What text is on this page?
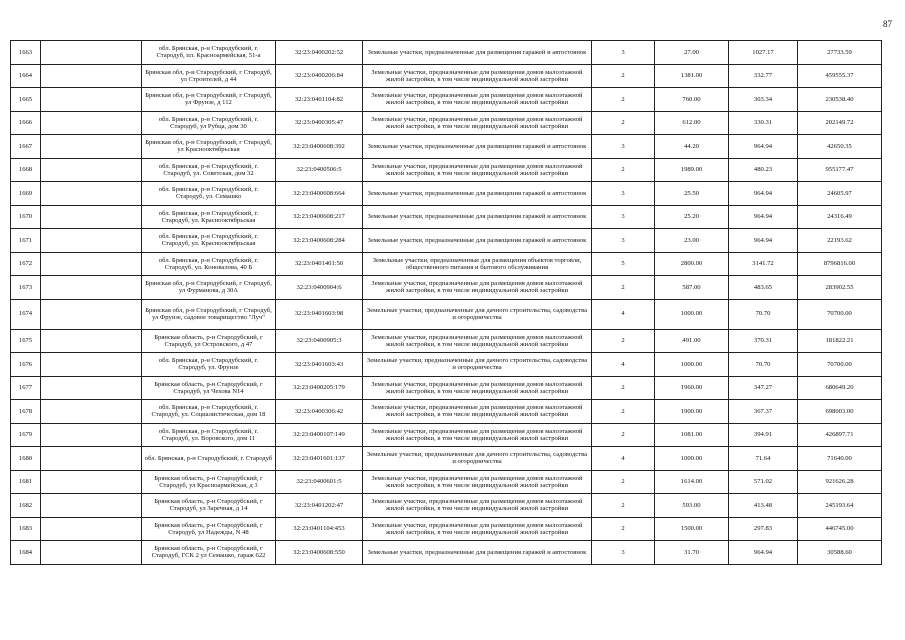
87
1663		обл. Брянская, р-н Стародубский, г. Стародуб, пл. Красноармейская, 51-а	32:23:0400202:52	Земельные участки, предназначенные для размещения гаражей и автостоянок	3	27.00	1027.17	27733.59
1664		Брянская обл, р-н Стародубский, г Стародуб, ул Строителей, д 44	32:23:0400206:84	Земельные участки, предназначенные для размещения домов малоэтажной жилой застройки, в том числе индивидуальной жилой застройки	2	1381.00	332.77	459555.37
1665		Брянская обл, р-н Стародубский, г Стародуб, ул Фрунзе, д 112	32:23:0401104:82	Земельные участки, предназначенные для размещения домов малоэтажной жилой застройки, в том числе индивидуальной жилой застройки	2	760.00	303.34	230538.40
1666		обл. Брянская, р-н Стародубский, г. Стародуб, ул Рубца, дом 30	32:23:0400305:47	Земельные участки, предназначенные для размещения домов малоэтажной жилой застройки, в том числе индивидуальной жилой застройки	2	612.00	330.31	202149.72
1667		Брянская обл, р-н Стародубский, г Стародуб, ул Краснооктябрьская	32:23:0400608:392	Земельные участки, предназначенные для размещения гаражей и автостоянок	3	44.20	964.94	42650.35
1668		обл. Брянская, р-н Стародубский, г. Стародуб, ул. Советская, дом 32	32:23:0400506:5	Земельные участки, предназначенные для размещения домов малоэтажной жилой застройки, в том числе индивидуальной жилой застройки	2	1989.00	480.23	955177.47
1669		обл. Брянская, р-н Стародубский, г. Стародуб, ул. Семашко	32:23:0400608:664	Земельные участки, предназначенные для размещения гаражей и автостоянок	3	25.50	964.94	24605.97
1670		обл. Брянская, р-н Стародубский, г. Стародуб, ул. Краснооктябрьская	32:23:0400608:217	Земельные участки, предназначенные для размещения гаражей и автостоянок	3	25.20	964.94	24316.49
1671		обл. Брянская, р-н Стародубский, г. Стародуб, ул. Краснооктябрьская	32:23:0400608:284	Земельные участки, предназначенные для размещения гаражей и автостоянок	3	23.00	964.94	22193.62
1672		обл. Брянская, р-н Стародубский, г. Стародуб, ул. Коновалова, 40 Б	32:23:0401401:50	Земельные участки, предназначенные для размещения объектов торговли, общественного питания и бытового обслуживания	5	2800.00	3141.72	8796816.00
1673		Брянская обл, р-н Стародубский, г Стародуб, ул Фурманова, д 30А	32:23:0400904:6	Земельные участки, предназначенные для размещения домов малоэтажной жилой застройки, в том числе индивидуальной жилой застройки	2	587.00	483.65	283902.55
1674		Брянская обл, р-н Стародубский, г Стародуб, ул Фрунзе, садовое товарищество "Луч"	32:23:0401603:98	Земельные участки, предназначенные для дачного строительства, садоводства и огородничества	4	1000.00	70.70	70700.00
1675		Брянская область, р-н Стародубский, г Стародуб, ул Островского, д 47	32:23:0400905:3	Земельные участки, предназначенные для размещения домов малоэтажной жилой застройки, в том числе индивидуальной жилой застройки	2	491.00	370.31	181822.21
1676		обл. Брянская, р-н Стародубский, г. Стародуб, ул. Фрунзе	32:23:0401603:43	Земельные участки, предназначенные для дачного строительства, садоводства и огородничества	4	1000.00	70.70	70700.00
1677		Брянская область, р-н Стародубский, г Стародуб, ул Чехова N14	32:23:0400205:179	Земельные участки, предназначенные для размещения домов малоэтажной жилой застройки, в том числе индивидуальной жилой застройки	2	1960.00	347.27	680649.20
1678		обл. Брянская, р-н Стародубский, г. Стародуб, ул. Социалистическая, дом 18	32:23:0400306:42	Земельные участки, предназначенные для размещения домов малоэтажной жилой застройки, в том числе индивидуальной жилой застройки	2	1900.00	367.37	698003.00
1679		обл. Брянская, р-н Стародубский, г. Стародуб, ул. Воровского, дом 11	32:23:0400107:149	Земельные участки, предназначенные для размещения домов малоэтажной жилой застройки, в том числе индивидуальной жилой застройки	2	1081.00	394.91	426897.71
1680		обл. Брянская, р-н Стародубский, г. Стародуб	32:23:0401601:137	Земельные участки, предназначенные для дачного строительства, садоводства и огородничества	4	1000.00	71.64	71640.00
1681		Брянская область, р-н Стародубский, г Стародуб, ул Красноармейская, д 3	32:23:0400601:5	Земельные участки, предназначенные для размещения домов малоэтажной жилой застройки, в том числе индивидуальной жилой застройки	2	1614.00	571.02	921626.28
1682		Брянская область, р-н Стародубский, г Стародуб, ул Заречная, д 14	32:23:0401202:47	Земельные участки, предназначенные для размещения домов малоэтажной жилой застройки, в том числе индивидуальной жилой застройки	2	593.00	413.48	245193.64
1683		Брянская область, р-н Стародубский, г Стародуб, ул Надежды, N 48	32:23:0401104:453	Земельные участки, предназначенные для размещения домов малоэтажной жилой застройки, в том числе индивидуальной жилой застройки	2	1500.00	297.83	446745.00
1684		Брянская область, р-н Стародубский, г Стародуб, ГСК 2 ул Семашко, гараж 622	32:23:0400608:550	Земельные участки, предназначенные для размещения гаражей и автостоянок	3	31.70	964.94	30588.60
